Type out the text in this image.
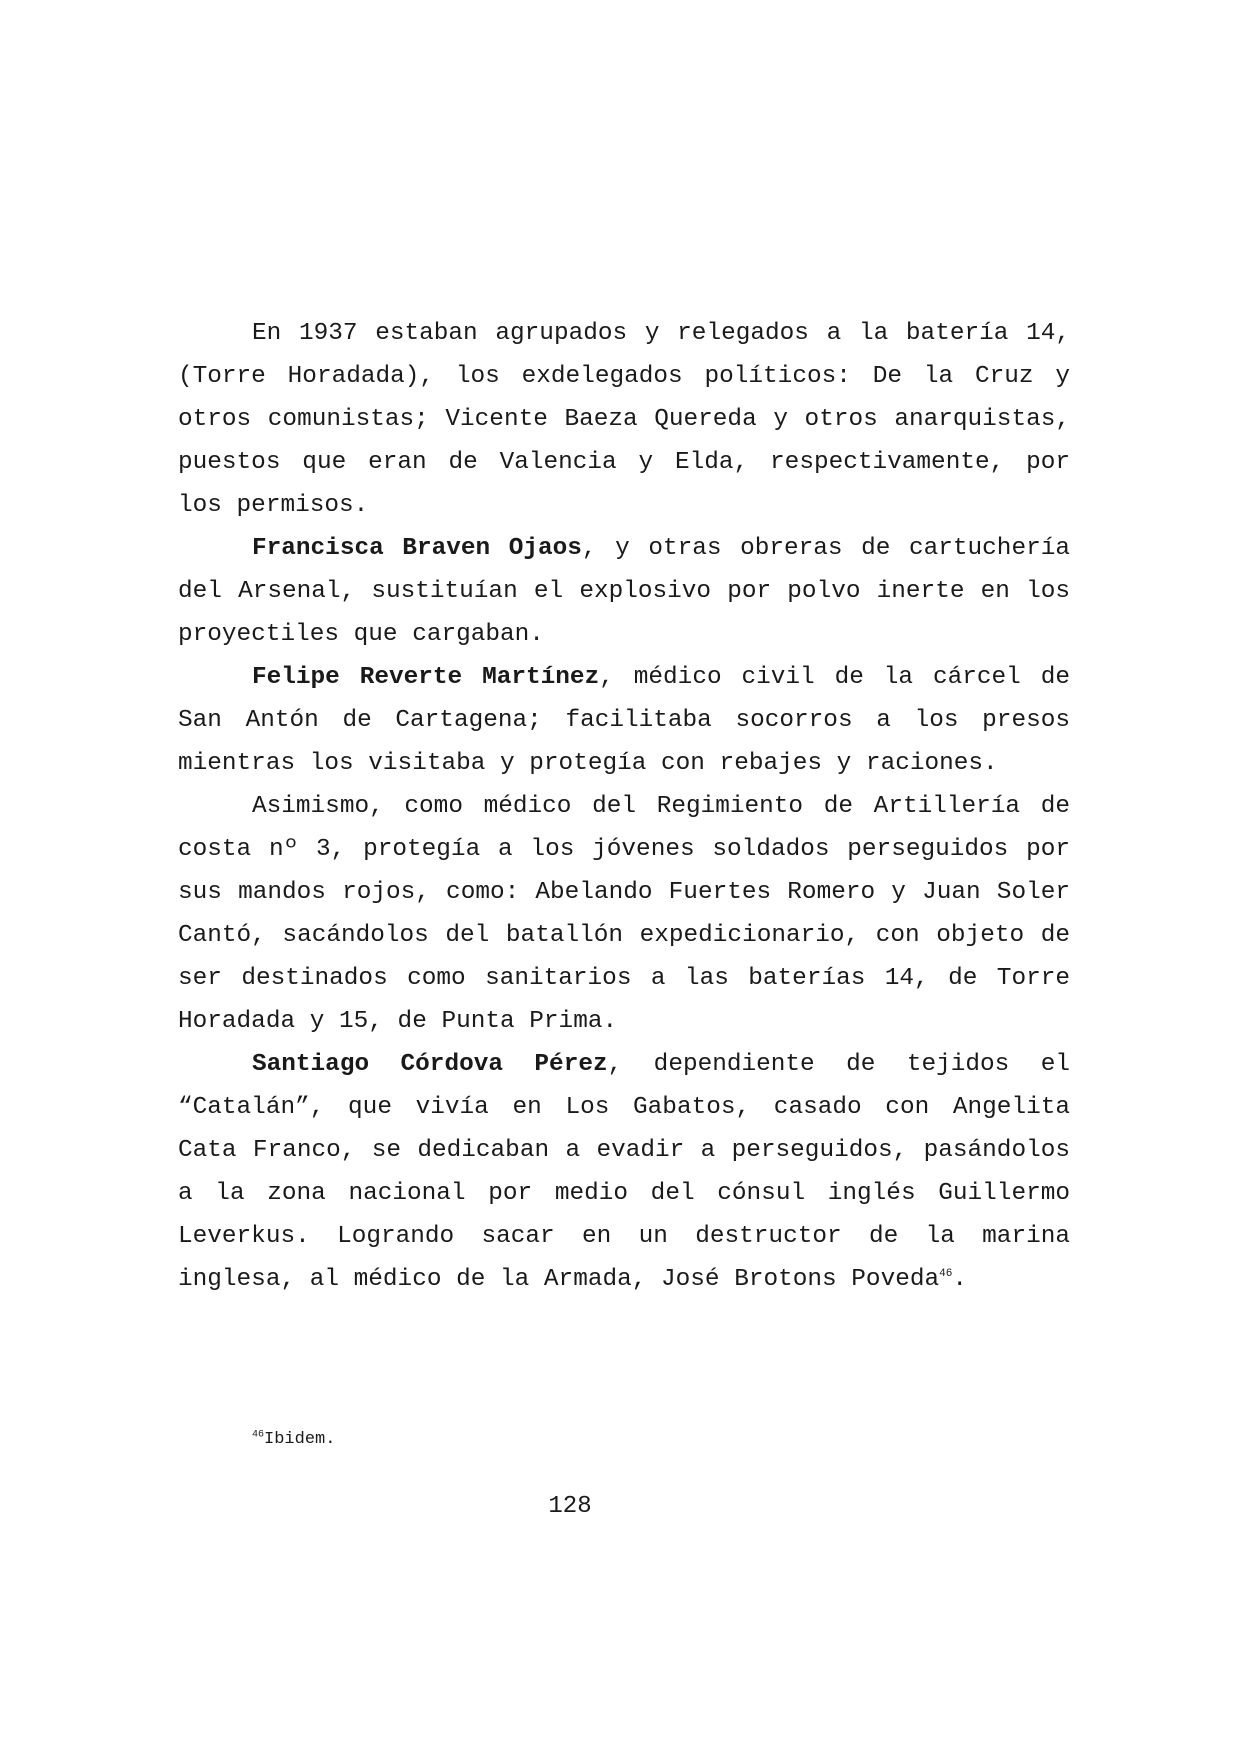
En 1937 estaban agrupados y relegados a la batería 14, (Torre Horadada), los exdelegados políticos: De la Cruz y otros comunistas; Vicente Baeza Quereda y otros anarquistas, puestos que eran de Valencia y Elda, respectivamente, por los permisos.

Francisca Braven Ojaos, y otras obreras de cartuchería del Arsenal, sustituían el explosivo por polvo inerte en los proyectiles que cargaban.

Felipe Reverte Martínez, médico civil de la cárcel de San Antón de Cartagena; facilitaba socorros a los presos mientras los visitaba y protegía con rebajes y raciones.

Asimismo, como médico del Regimiento de Artillería de costa nº 3, protegía a los jóvenes soldados perseguidos por sus mandos rojos, como: Abelando Fuertes Romero y Juan Soler Cantó, sacándolos del batallón expedicionario, con objeto de ser destinados como sanitarios a las baterías 14, de Torre Horadada y 15, de Punta Prima.

Santiago Córdova Pérez, dependiente de tejidos el “Catalán”, que vivía en Los Gabatos, casado con Angelita Cata Franco, se dedicaban a evadir a perseguidos, pasándolos a la zona nacional por medio del cónsul inglés Guillermo Leverkus. Logrando sacar en un destructor de la marina inglesa, al médico de la Armada, José Brotons Poveda$^{46}$.

$^{46}$Ibidem.
128
